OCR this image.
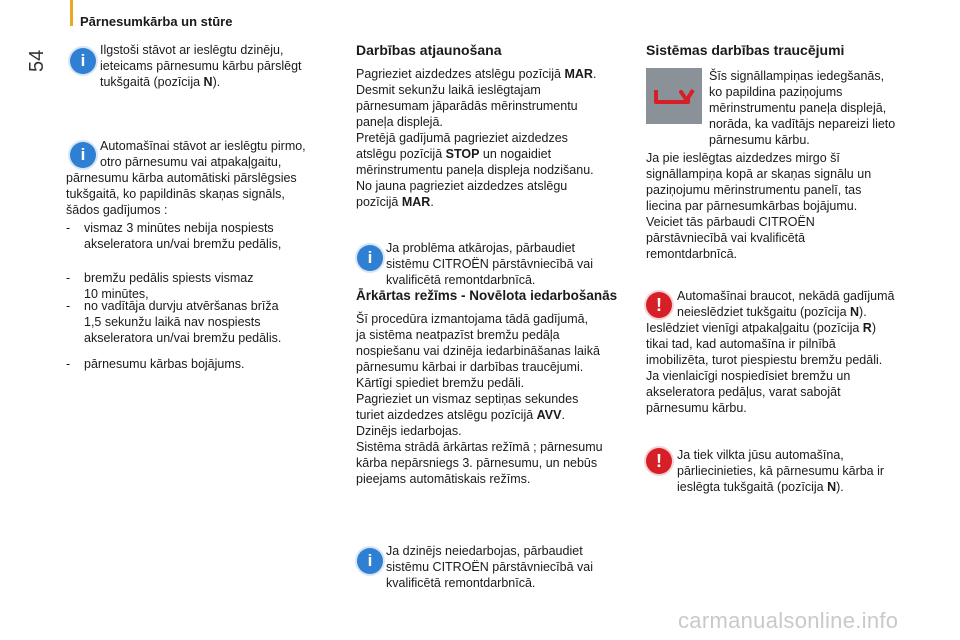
54
Pārnesumkārba un stūre
i
Ilgstoši stāvot ar ieslēgtu dzinēju,
ieteicams pārnesumu kārbu pārslēgt
tukšgaitā (pozīcija N).
i	Automašīnai stāvot ar ieslēgtu pirmo,
otro pārnesumu vai atpakaļgaitu,
pārnesumu kārba automātiski pārslēgsies
tukšgaitā, ko papildinās skaņas signāls,
šādos gadījumos :
- vismaz 3 minūtes nebija nospiests
akseleratora un/vai bremžu pedālis,
- bremžu pedālis spiests vismaz
10 minūtes,
- no vadītāja durvju atvēršanas brīža
1,5 sekunžu laikā nav nospiests
akseleratora un/vai bremžu pedālis.
- pārnesumu kārbas bojājums.
Darbības atjaunošana
Pagrieziet aizdedzes atslēgu pozīcijā MAR.
Desmit sekunžu laikā ieslēgtajam
pārnesumam jāparādās mērinstrumentu
paneļa displejā.
Pretējā gadījumā pagrieziet aizdedzes
atslēgu pozīcijā STOP un nogaidiet
mērinstrumentu paneļa displeja nodzišanu.
No jauna pagrieziet aizdedzes atslēgu
pozīcijā MAR.
i	Ja problēma atkārojas, pārbaudiet
sistēmu CITROËN pārstāvniecībā vai
kvalificētā remontdarbnīcā.
Ārkārtas režīms - Novēlota iedarbošanās
Šī procedūra izmantojama tādā gadījumā,
ja sistēma neatpazīst bremžu pedāļa
nospiešanu vai dzinēja iedarbināšanas laikā
pārnesumu kārbai ir darbības traucējumi.
Kārtīgi spiediet bremžu pedāli.
Pagrieziet un vismaz septiņas sekundes
turiet aizdedzes atslēgu pozīcijā AVV.
Dzinējs iedarbojas.
Sistēma strādā ārkārtas režīmā ; pārnesumu
kārba nepārsniegs 3. pārnesumu, un nebūs
pieejams automātiskais režīms.
i	Ja dzinējs neiedarbojas, pārbaudiet
sistēmu CITROËN pārstāvniecībā vai
kvalificētā remontdarbnīcā.
Sistēmas darbības traucējumi
Šīs signāllampiņas iedegšanās,
ko papildina paziņojums
mērinstrumentu paneļa displejā,
norāda, ka vadītājs nepareizi lieto
pārnesumu kārbu.
Ja pie ieslēgtas aizdedzes mirgo šī
signāllampiņa kopā ar skaņas signālu un
paziņojumu mērinstrumentu panelī, tas
liecina par pārnesumkārbas bojājumu.
Veiciet tās pārbaudi CITROËN
pārstāvniecībā vai kvalificētā
remontdarbnīcā.
!	Automašīnai braucot, nekādā gadījumā
neieslēdziet tukšgaitu (pozīcija N).
Ieslēdziet vienīgi atpakaļgaitu (pozīcija R)
tikai tad, kad automašīna ir pilnībā
imobilizēta, turot piespiestu bremžu pedāli.
Ja vienlaicīgi nospiedīsiet bremžu un
akseleratora pedāļus, varat sabojāt
pārnesumu kārbu.
!	Ja tiek vilkta jūsu automašīna,
pārliecinieties, kā pārnesumu kārba ir
ieslēgta tukšgaitā (pozīcija N).
carmanualsonline.info
